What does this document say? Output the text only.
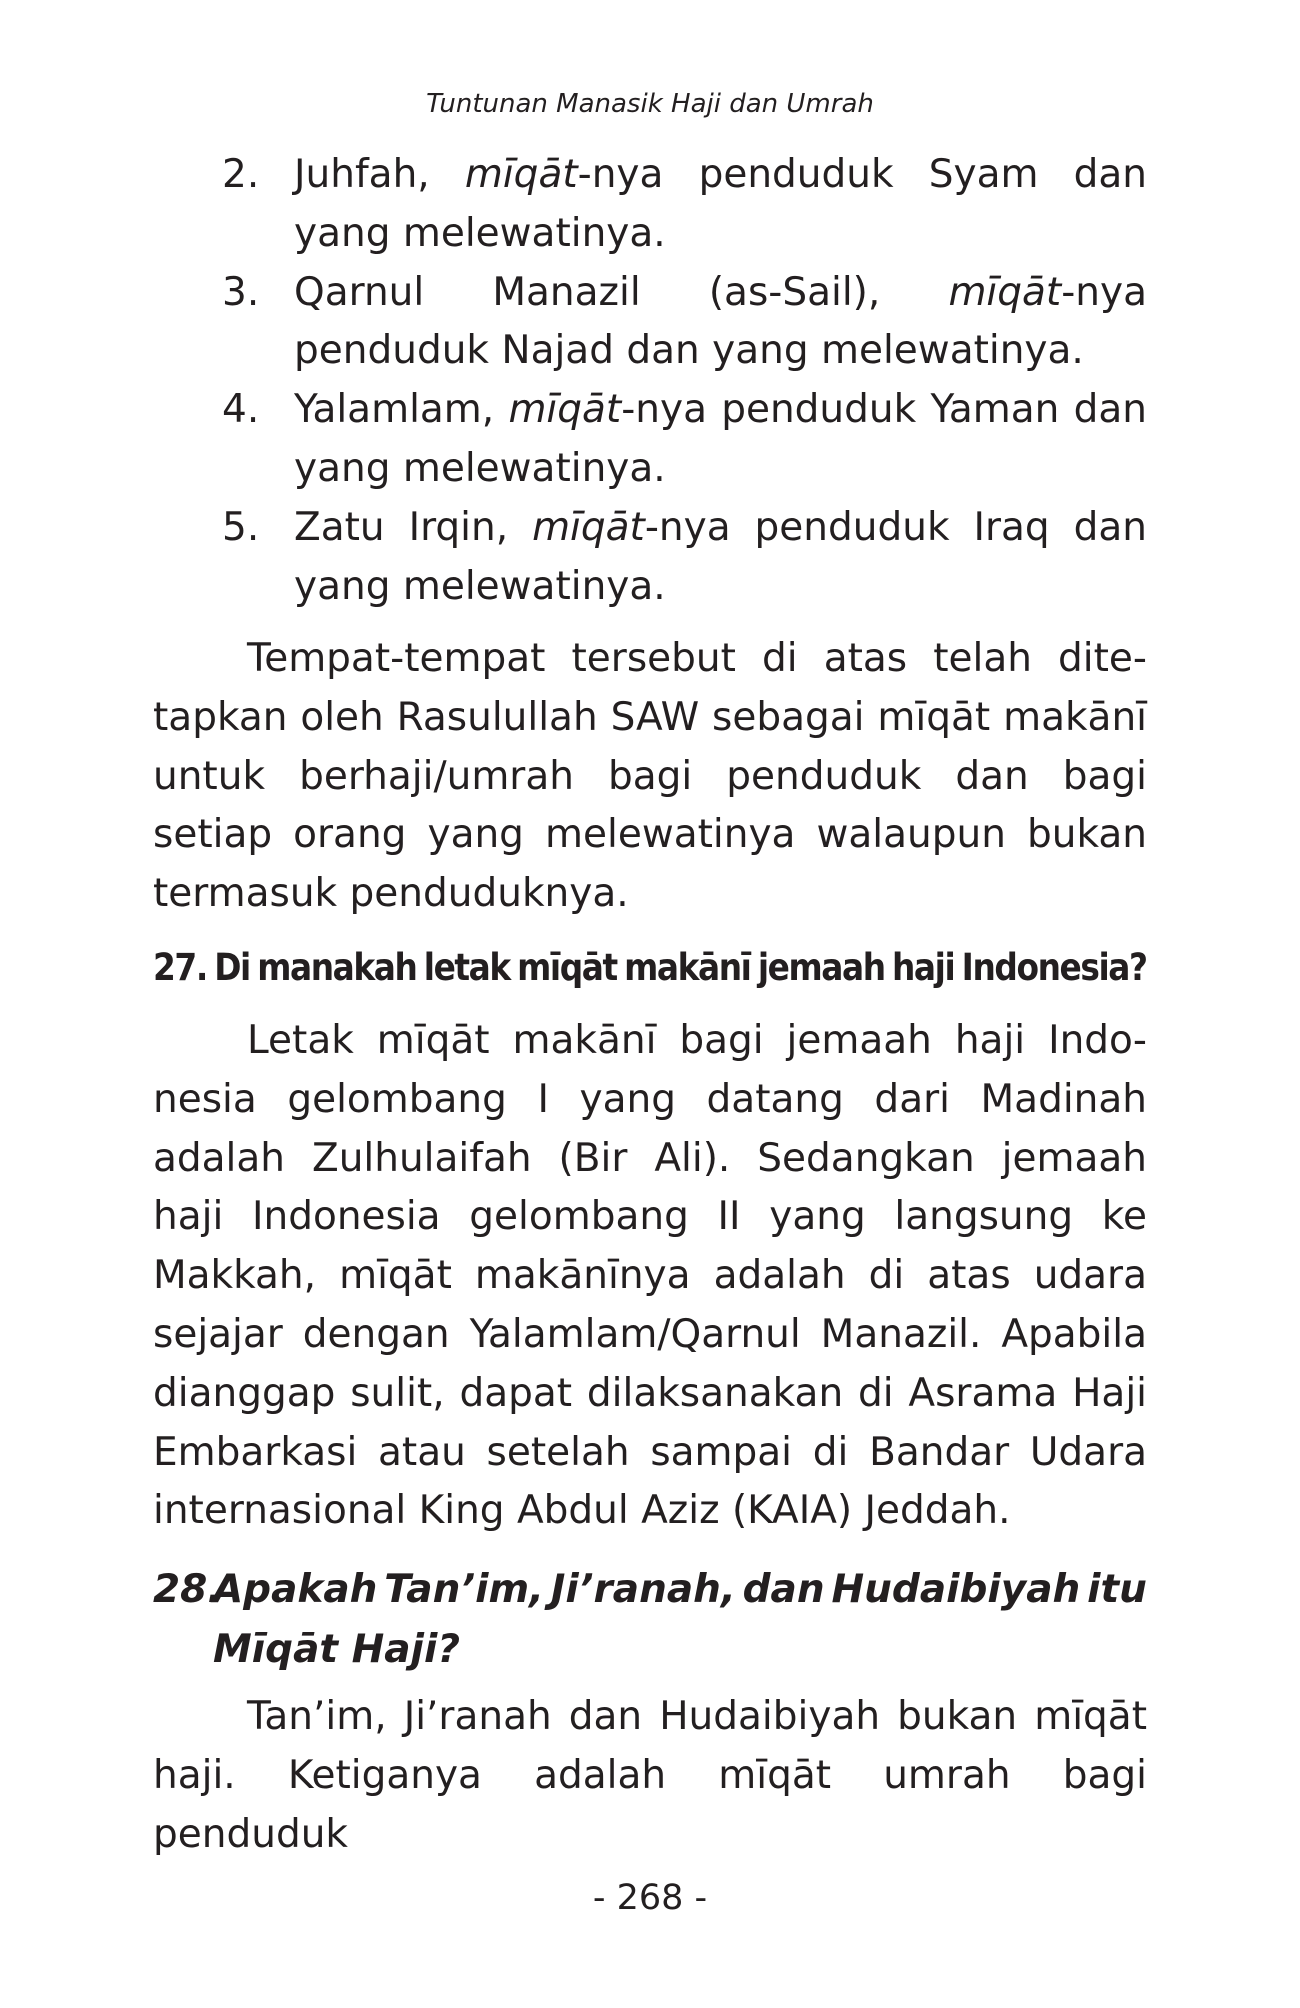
Tuntunan Manasik Haji dan Umrah
2. Juhfah, mīqāt-nya penduduk Syam dan yang melewatinya.
3. Qarnul Manazil (as-Sail), mīqāt-nya penduduk Najad dan yang melewatinya.
4. Yalamlam, mīqāt-nya penduduk Yaman dan yang melewatinya.
5. Zatu Irqin, mīqāt-nya penduduk Iraq dan yang melewatinya.

Tempat-tempat tersebut di atas telah ditetapkan oleh Rasulullah SAW sebagai mīqāt makānī untuk berhaji/umrah bagi penduduk dan bagi setiap orang yang melewatinya walaupun bukan termasuk penduduknya.

27. Di manakah letak mīqāt makānī jemaah haji Indonesia?

Letak mīqāt makānī bagi jemaah haji Indonesia gelombang I yang datang dari Madinah adalah Zulhulaifah (Bir Ali). Sedangkan jemaah haji Indonesia gelombang II yang langsung ke Makkah, mīqāt makānīnya adalah di atas udara sejajar dengan Yalamlam/Qarnul Manazil. Apabila dianggap sulit, dapat dilaksanakan di Asrama Haji Embarkasi atau setelah sampai di Bandar Udara internasional King Abdul Aziz (KAIA) Jeddah.

28.Apakah Tan’im, Ji’ranah, dan Hudaibiyah itu
Mīqāt Haji?

Tan’im, Ji’ranah dan Hudaibiyah bukan mīqāt haji. Ketiganya adalah mīqāt umrah bagi penduduk

- 268 -
